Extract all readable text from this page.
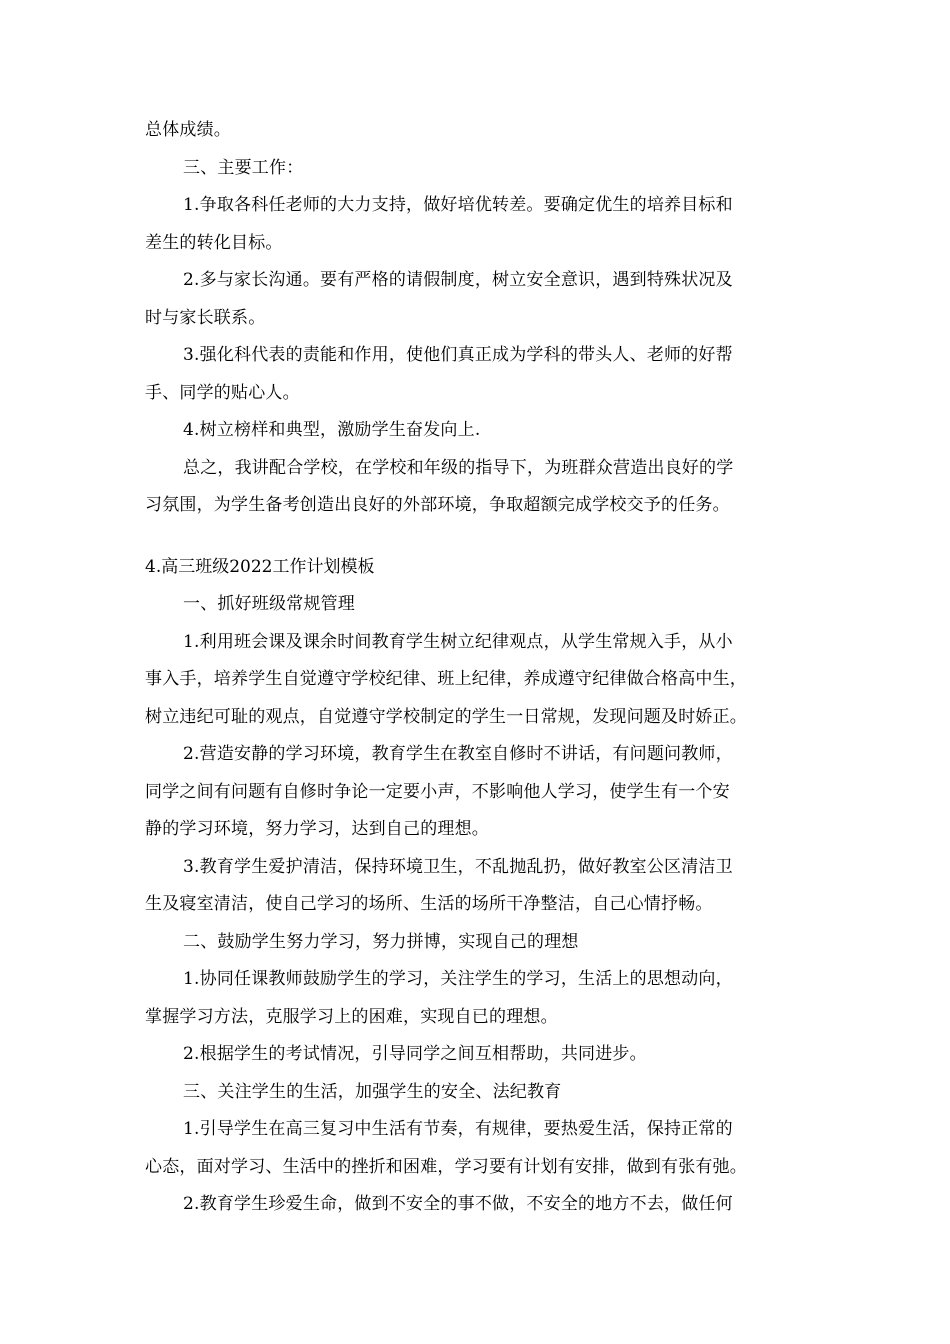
总体成绩。
三、主要工作：
1.争取各科任老师的大力支持，做好培优转差。要确定优生的培养目标和
差生的转化目标。
2.多与家长沟通。要有严格的请假制度，树立安全意识，遇到特殊状况及
时与家长联系。
3.强化科代表的责能和作用，使他们真正成为学科的带头人、老师的好帮
手、同学的贴心人。
4.树立榜样和典型，激励学生奋发向上.
总之，我讲配合学校，在学校和年级的指导下，为班群众营造出良好的学
习氛围，为学生备考创造出良好的外部环境，争取超额完成学校交予的任务。
4.高三班级2022工作计划模板
一、抓好班级常规管理
1.利用班会课及课余时间教育学生树立纪律观点，从学生常规入手，从小
事入手，培养学生自觉遵守学校纪律、班上纪律，养成遵守纪律做合格高中生，
树立违纪可耻的观点，自觉遵守学校制定的学生一日常规，发现问题及时娇正。
2.营造安静的学习环境，教育学生在教室自修时不讲话，有问题问教师，
同学之间有问题有自修时争论一定要小声，不影响他人学习，使学生有一个安
静的学习环境，努力学习，达到自己的理想。
3.教育学生爱护清洁，保持环境卫生，不乱抛乱扔，做好教室公区清洁卫
生及寝室清洁，使自己学习的场所、生活的场所干净整洁，自己心情抒畅。
二、鼓励学生努力学习，努力拼博，实现自己的理想
1.协同任课教师鼓励学生的学习，关注学生的学习，生活上的思想动向，
掌握学习方法，克服学习上的困难，实现自已的理想。
2.根据学生的考试情况，引导同学之间互相帮助，共同进步。
三、关注学生的生活，加强学生的安全、法纪教育
1.引导学生在高三复习中生活有节奏，有规律，要热爱生活，保持正常的
心态，面对学习、生活中的挫折和困难，学习要有计划有安排，做到有张有弛。
2.教育学生珍爱生命，做到不安全的事不做，不安全的地方不去，做任何
